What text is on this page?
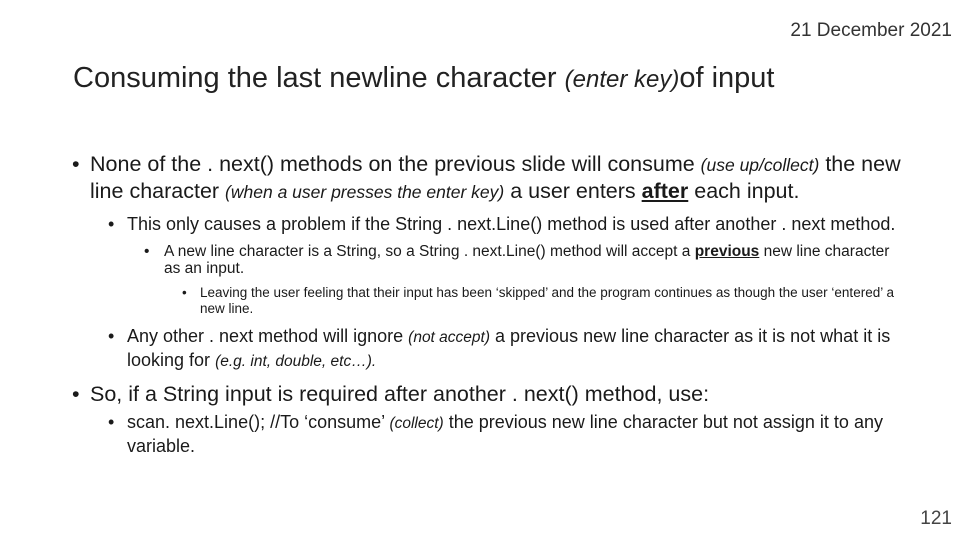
21 December 2021
Consuming the last newline character (enter key)of input

• None of the . next() methods on the previous slide will consume (use up/collect) the new line character (when a user presses the enter key) a user enters after each input.

• This only causes a problem if the String . next.Line() method is used after another . next method.

• A new line character is a String, so a String . next.Line() method will accept a previous new line character as an input.

• Leaving the user feeling that their input has been ‘skipped’ and the program continues as though the user ‘entered’ a new line.

• Any other . next method will ignore (not accept) a previous new line character as it is not what it is looking for (e.g. int, double, etc…).

• So, if a String input is required after another . next() method, use:

• scan. next.Line(); //To ‘consume’ (collect) the previous new line character but not assign it to any variable.

121
